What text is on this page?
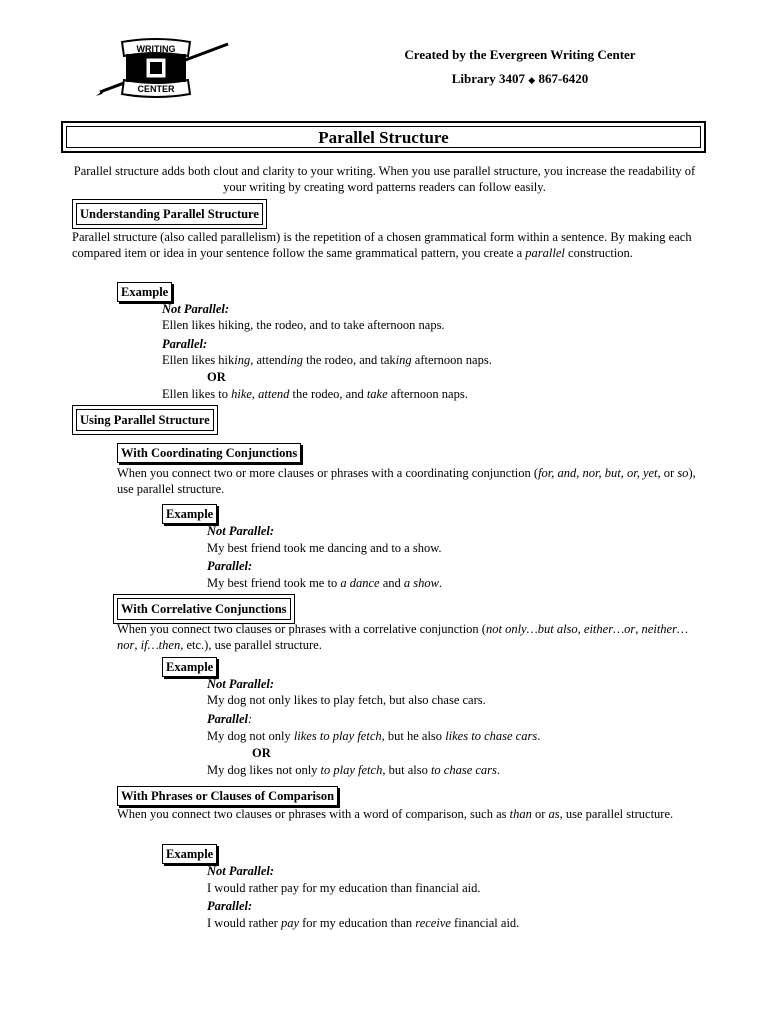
WRITING
CENTER
Created by the Evergreen Writing Center
Library 3407 ◆ 867-6420
Parallel Structure
Parallel structure adds both clout and clarity to your writing. When you use parallel structure, you increase the readability of your writing by creating word patterns readers can follow easily.
Understanding Parallel Structure
Parallel structure (also called parallelism) is the repetition of a chosen grammatical form within a sentence. By making each compared item or idea in your sentence follow the same grammatical pattern, you create a parallel construction.
Example
Not Parallel:
Ellen likes hiking, the rodeo, and to take afternoon naps.
Parallel:
Ellen likes hiking, attending the rodeo, and taking afternoon naps.
OR
Ellen likes to hike, attend the rodeo, and take afternoon naps.
Using Parallel Structure
With Coordinating Conjunctions
When you connect two or more clauses or phrases with a coordinating conjunction (for, and, nor, but, or, yet, or so), use parallel structure.
Example
Not Parallel:
My best friend took me dancing and to a show.
Parallel:
My best friend took me to a dance and a show.
With Correlative Conjunctions
When you connect two clauses or phrases with a correlative conjunction (not only…but also, either…or, neither…nor, if…then, etc.), use parallel structure.
Example
Not Parallel:
My dog not only likes to play fetch, but also chase cars.
Parallel:
My dog not only likes to play fetch, but he also likes to chase cars.
OR
My dog likes not only to play fetch, but also to chase cars.
With Phrases or Clauses of Comparison
When you connect two clauses or phrases with a word of comparison, such as than or as, use parallel structure.
Example
Not Parallel:
I would rather pay for my education than financial aid.
Parallel:
I would rather pay for my education than receive financial aid.
